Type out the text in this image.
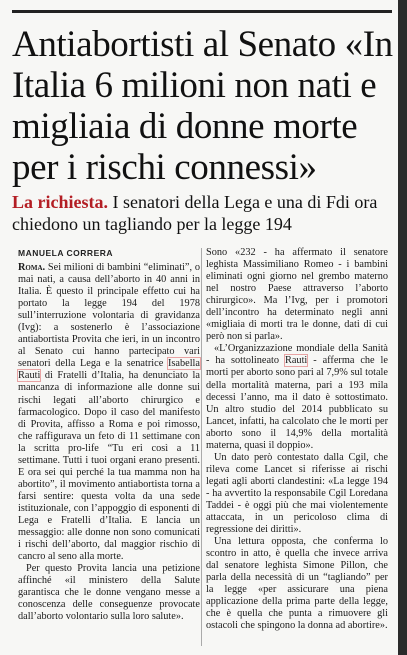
Antiabortisti al Senato «In Italia 6 milioni non nati e migliaia di donne morte per i rischi connessi»

La richiesta. I senatori della Lega e una di Fdi ora chiedono un tagliando per la legge 194

MANUELA CORRERA

Roma. Sei milioni di bambini “eliminati”, o mai nati, a causa dell’aborto in 40 anni in Italia. È questo il principale effetto cui ha portato la legge 194 del 1978 sull’interruzione volontaria di gravidanza (Ivg): a sostenerlo è l’associazione antiabortista Provita che ieri, in un incontro al Senato cui hanno partecipato vari senatori della Lega e la senatrice Isabella Rauti di Fratelli d’Italia, ha denunciato la mancanza di informazione alle donne sui rischi legati all’aborto chirurgico e farmacologico. Dopo il caso del manifesto di Provita, affisso a Roma e poi rimosso, che raffigurava un feto di 11 settimane con la scritta pro-life “Tu eri così a 11 settimane. Tutti i tuoi organi erano presenti. E ora sei qui perché la tua mamma non ha abortito”, il movimento antiabortista torna a farsi sentire: questa volta da una sede istituzionale, con l’appoggio di esponenti di Lega e Fratelli d’Italia. E lancia un messaggio: alle donne non sono comunicati i rischi dell’aborto, dal maggior rischio di cancro al seno alla morte.

Per questo Provita lancia una petizione affinché «il ministero della Salute garantisca che le donne vengano messe a conoscenza delle conseguenze provocate dall’aborto volontario sulla loro salute».

Sono «232 - ha affermato il senatore leghista Massimiliano Romeo - i bambini eliminati ogni giorno nel grembo materno nel nostro Paese attraverso l’aborto chirurgico». Ma l’Ivg, per i promotori dell’incontro ha determinato negli anni «migliaia di morti tra le donne, dati di cui però non si parla».

«L’Organizzazione mondiale della Sanità - ha sottolineato Rauti - afferma che le morti per aborto sono pari al 7,9% sul totale della mortalità materna, pari a 193 mila decessi l’anno, ma il dato è sottostimato. Un altro studio del 2014 pubblicato su Lancet, infatti, ha calcolato che le morti per aborto sono il 14,9% della mortalità materna, quasi il doppio».

Un dato però contestato dalla Cgil, che rileva come Lancet si riferisse ai rischi legati agli aborti clandestini: «La legge 194 - ha avvertito la responsabile Cgil Loredana Taddei - è oggi più che mai violentemente attaccata, in un pericoloso clima di regressione dei diritti».

Una lettura opposta, che conferma lo scontro in atto, è quella che invece arriva dal senatore leghista Simone Pillon, che parla della necessità di un “tagliando” per la legge «per assicurare una piena applicazione della prima parte della legge, che è quella che punta a rimuovere gli ostacoli che spingono la donna ad abortire».
